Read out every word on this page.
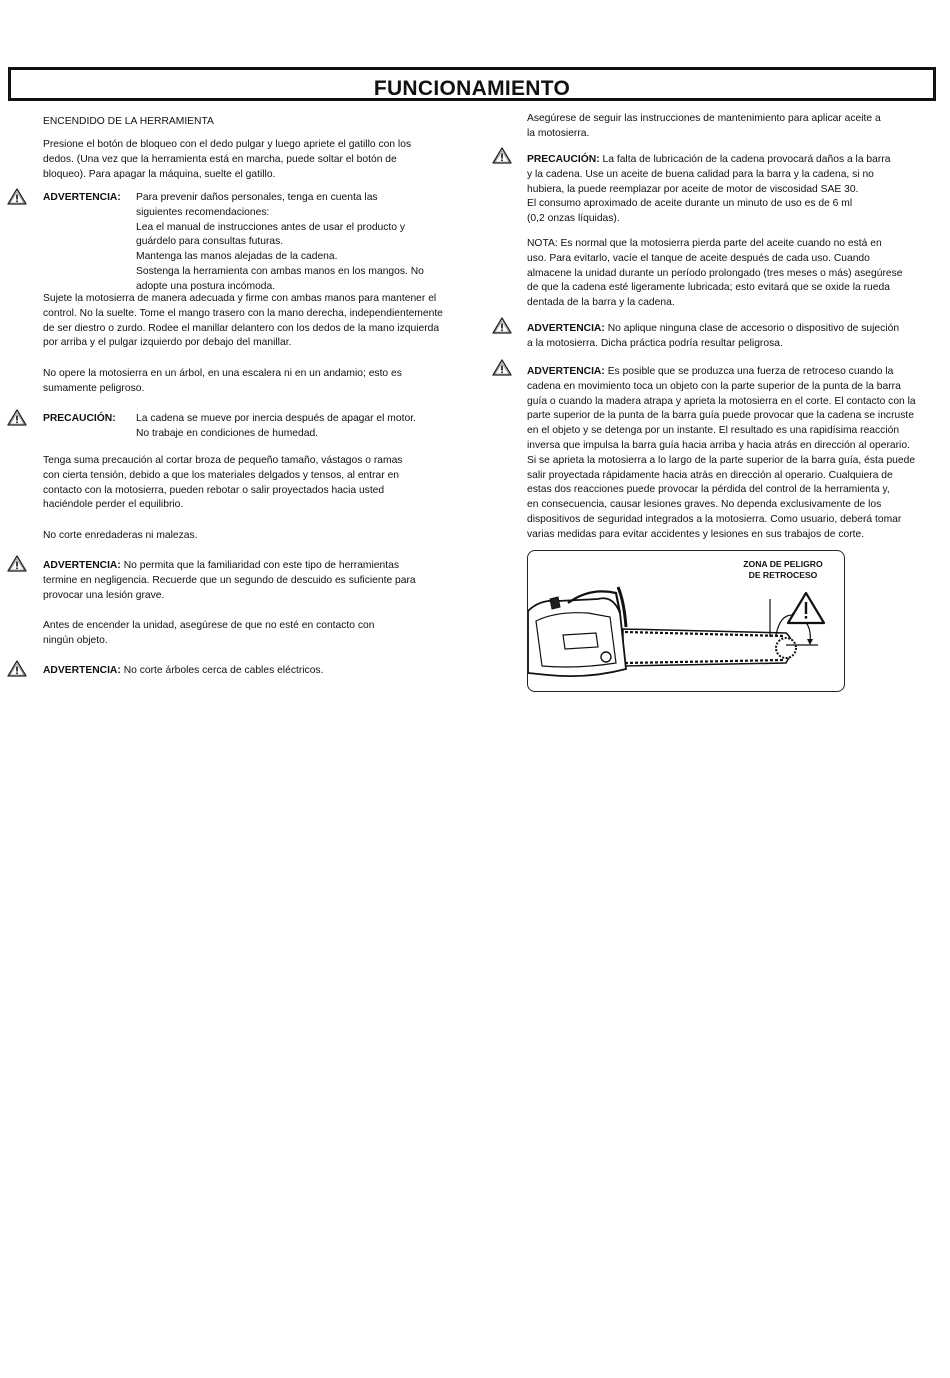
FUNCIONAMIENTO
ENCENDIDO DE LA HERRAMIENTA
Presione el botón de bloqueo con el dedo pulgar y luego apriete el gatillo con los
dedos. (Una vez que la herramienta está en marcha, puede soltar el botón de
bloqueo). Para apagar la máquina, suelte el gatillo.
ADVERTENCIA: Para prevenir daños personales, tenga en cuenta las
siguientes recomendaciones:
Lea el manual de instrucciones antes de usar el producto y
guárdelo para consultas futuras.
Mantenga las manos alejadas de la cadena.
Sostenga la herramienta con ambas manos en los mangos. No
adopte una postura incómoda.
Sujete la motosierra de manera adecuada y firme con ambas manos para mantener el
control. No la suelte. Tome el mango trasero con la mano derecha, independientemente
de ser diestro o zurdo. Rodee el manillar delantero con los dedos de la mano izquierda
por arriba y el pulgar izquierdo por debajo del manillar.
No opere la motosierra en un árbol, en una escalera ni en un andamio; esto es
sumamente peligroso.
PRECAUCIÓN: La cadena se mueve por inercia después de apagar el motor.
No trabaje en condiciones de humedad.
Tenga suma precaución al cortar broza de pequeño tamaño, vástagos o ramas
con cierta tensión, debido a que los materiales delgados y tensos, al entrar en
contacto con la motosierra, pueden rebotar o salir proyectados hacia usted
haciéndole perder el equilibrio.
No corte enredaderas ni malezas.
ADVERTENCIA: No permita que la familiaridad con este tipo de herramientas
termine en negligencia. Recuerde que un segundo de descuido es suficiente para
provocar una lesión grave.
Antes de encender la unidad, asegúrese de que no esté en contacto con
ningún objeto.
ADVERTENCIA: No corte árboles cerca de cables eléctricos.
Asegúrese de seguir las instrucciones de mantenimiento para aplicar aceite a
la motosierra.
PRECAUCIÓN: La falta de lubricación de la cadena provocará daños a la barra
y la cadena. Use un aceite de buena calidad para la barra y la cadena, si no
hubiera, la puede reemplazar por aceite de motor de viscosidad SAE 30.
El consumo aproximado de aceite durante un minuto de uso es de 6 ml
(0,2 onzas líquidas).
NOTA: Es normal que la motosierra pierda parte del aceite cuando no está en
uso. Para evitarlo, vacíe el tanque de aceite después de cada uso. Cuando
almacene la unidad durante un período prolongado (tres meses o más) asegúrese
de que la cadena esté ligeramente lubricada; esto evitará que se oxide la rueda
dentada de la barra y la cadena.
ADVERTENCIA: No aplique ninguna clase de accesorio o dispositivo de sujeción
a la motosierra. Dicha práctica podría resultar peligrosa.
ADVERTENCIA: Es posible que se produzca una fuerza de retroceso cuando la
cadena en movimiento toca un objeto con la parte superior de la punta de la barra
guía o cuando la madera atrapa y aprieta la motosierra en el corte. El contacto con la
parte superior de la punta de la barra guía puede provocar que la cadena se incruste
en el objeto y se detenga por un instante. El resultado es una rapidísima reacción
inversa que impulsa la barra guía hacia arriba y hacia atrás en dirección al operario.
Si se aprieta la motosierra a lo largo de la parte superior de la barra guía, ésta puede
salir proyectada rápidamente hacia atrás en dirección al operario. Cualquiera de
estas dos reacciones puede provocar la pérdida del control de la herramienta y,
en consecuencia, causar lesiones graves. No dependa exclusivamente de los
dispositivos de seguridad integrados a la motosierra. Como usuario, deberá tomar
varias medidas para evitar accidentes y lesiones en sus trabajos de corte.
ZONA DE PELIGRO
DE RETROCESO
